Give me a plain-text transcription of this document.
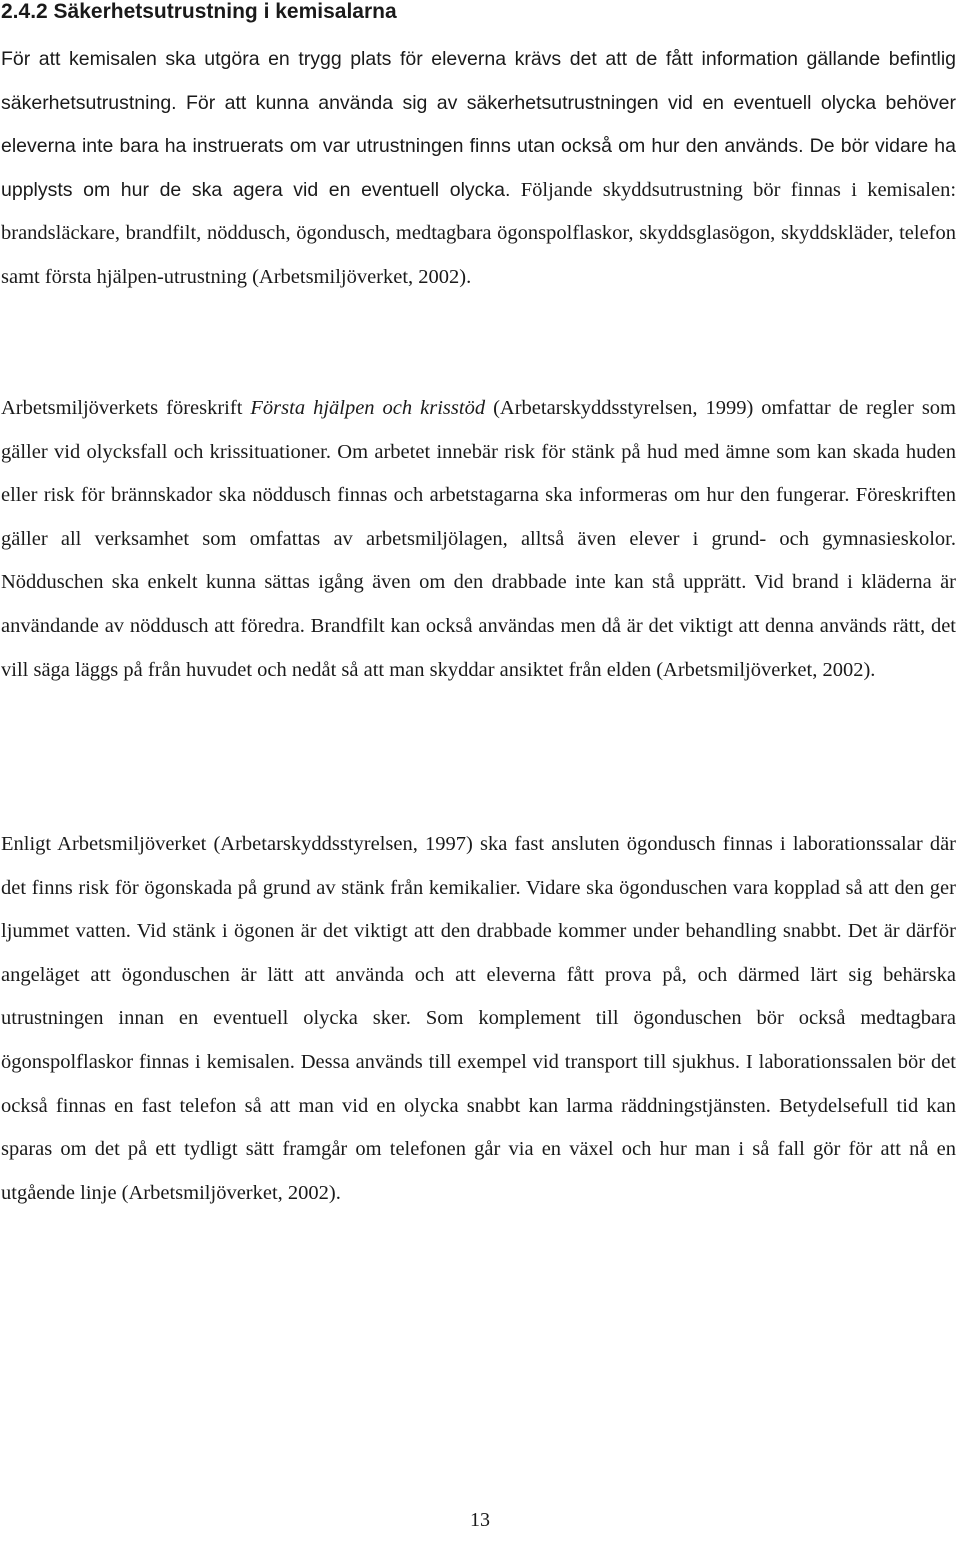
2.4.2 Säkerhetsutrustning i kemisalarna

För att kemisalen ska utgöra en trygg plats för eleverna krävs det att de fått information gällande befintlig säkerhetsutrustning. För att kunna använda sig av säkerhetsutrustningen vid en eventuell olycka behöver eleverna inte bara ha instruerats om var utrustningen finns utan också om hur den används. De bör vidare ha upplysts om hur de ska agera vid en eventuell olycka. Följande skyddsutrustning bör finnas i kemisalen: brandsläckare, brandfilt, nöddusch, ögondusch, medtagbara ögonspolflaskor, skyddsglasögon, skyddskläder, telefon samt första hjälpen-utrustning (Arbetsmiljöverket, 2002).

Arbetsmiljöverkets föreskrift Första hjälpen och krisstöd (Arbetarskyddsstyrelsen, 1999) omfattar de regler som gäller vid olycksfall och krissituationer. Om arbetet innebär risk för stänk på hud med ämne som kan skada huden eller risk för brännskador ska nöddusch finnas och arbetstagarna ska informeras om hur den fungerar. Föreskriften gäller all verksamhet som omfattas av arbetsmiljölagen, alltså även elever i grund- och gymnasieskolor. Nödduschen ska enkelt kunna sättas igång även om den drabbade inte kan stå upprätt. Vid brand i kläderna är användande av nöddusch att föredra. Brandfilt kan också användas men då är det viktigt att denna används rätt, det vill säga läggs på från huvudet och nedåt så att man skyddar ansiktet från elden (Arbetsmiljöverket, 2002).

Enligt Arbetsmiljöverket (Arbetarskyddsstyrelsen, 1997) ska fast ansluten ögondusch finnas i laborationssalar där det finns risk för ögonskada på grund av stänk från kemikalier. Vidare ska ögonduschen vara kopplad så att den ger ljummet vatten. Vid stänk i ögonen är det viktigt att den drabbade kommer under behandling snabbt. Det är därför angeläget att ögonduschen är lätt att använda och att eleverna fått prova på, och därmed lärt sig behärska utrustningen innan en eventuell olycka sker. Som komplement till ögonduschen bör också medtagbara ögonspolflaskor finnas i kemisalen. Dessa används till exempel vid transport till sjukhus. I laborationssalen bör det också finnas en fast telefon så att man vid en olycka snabbt kan larma räddningstjänsten. Betydelsefull tid kan sparas om det på ett tydligt sätt framgår om telefonen går via en växel och hur man i så fall gör för att nå en utgående linje (Arbetsmiljöverket, 2002).

13
